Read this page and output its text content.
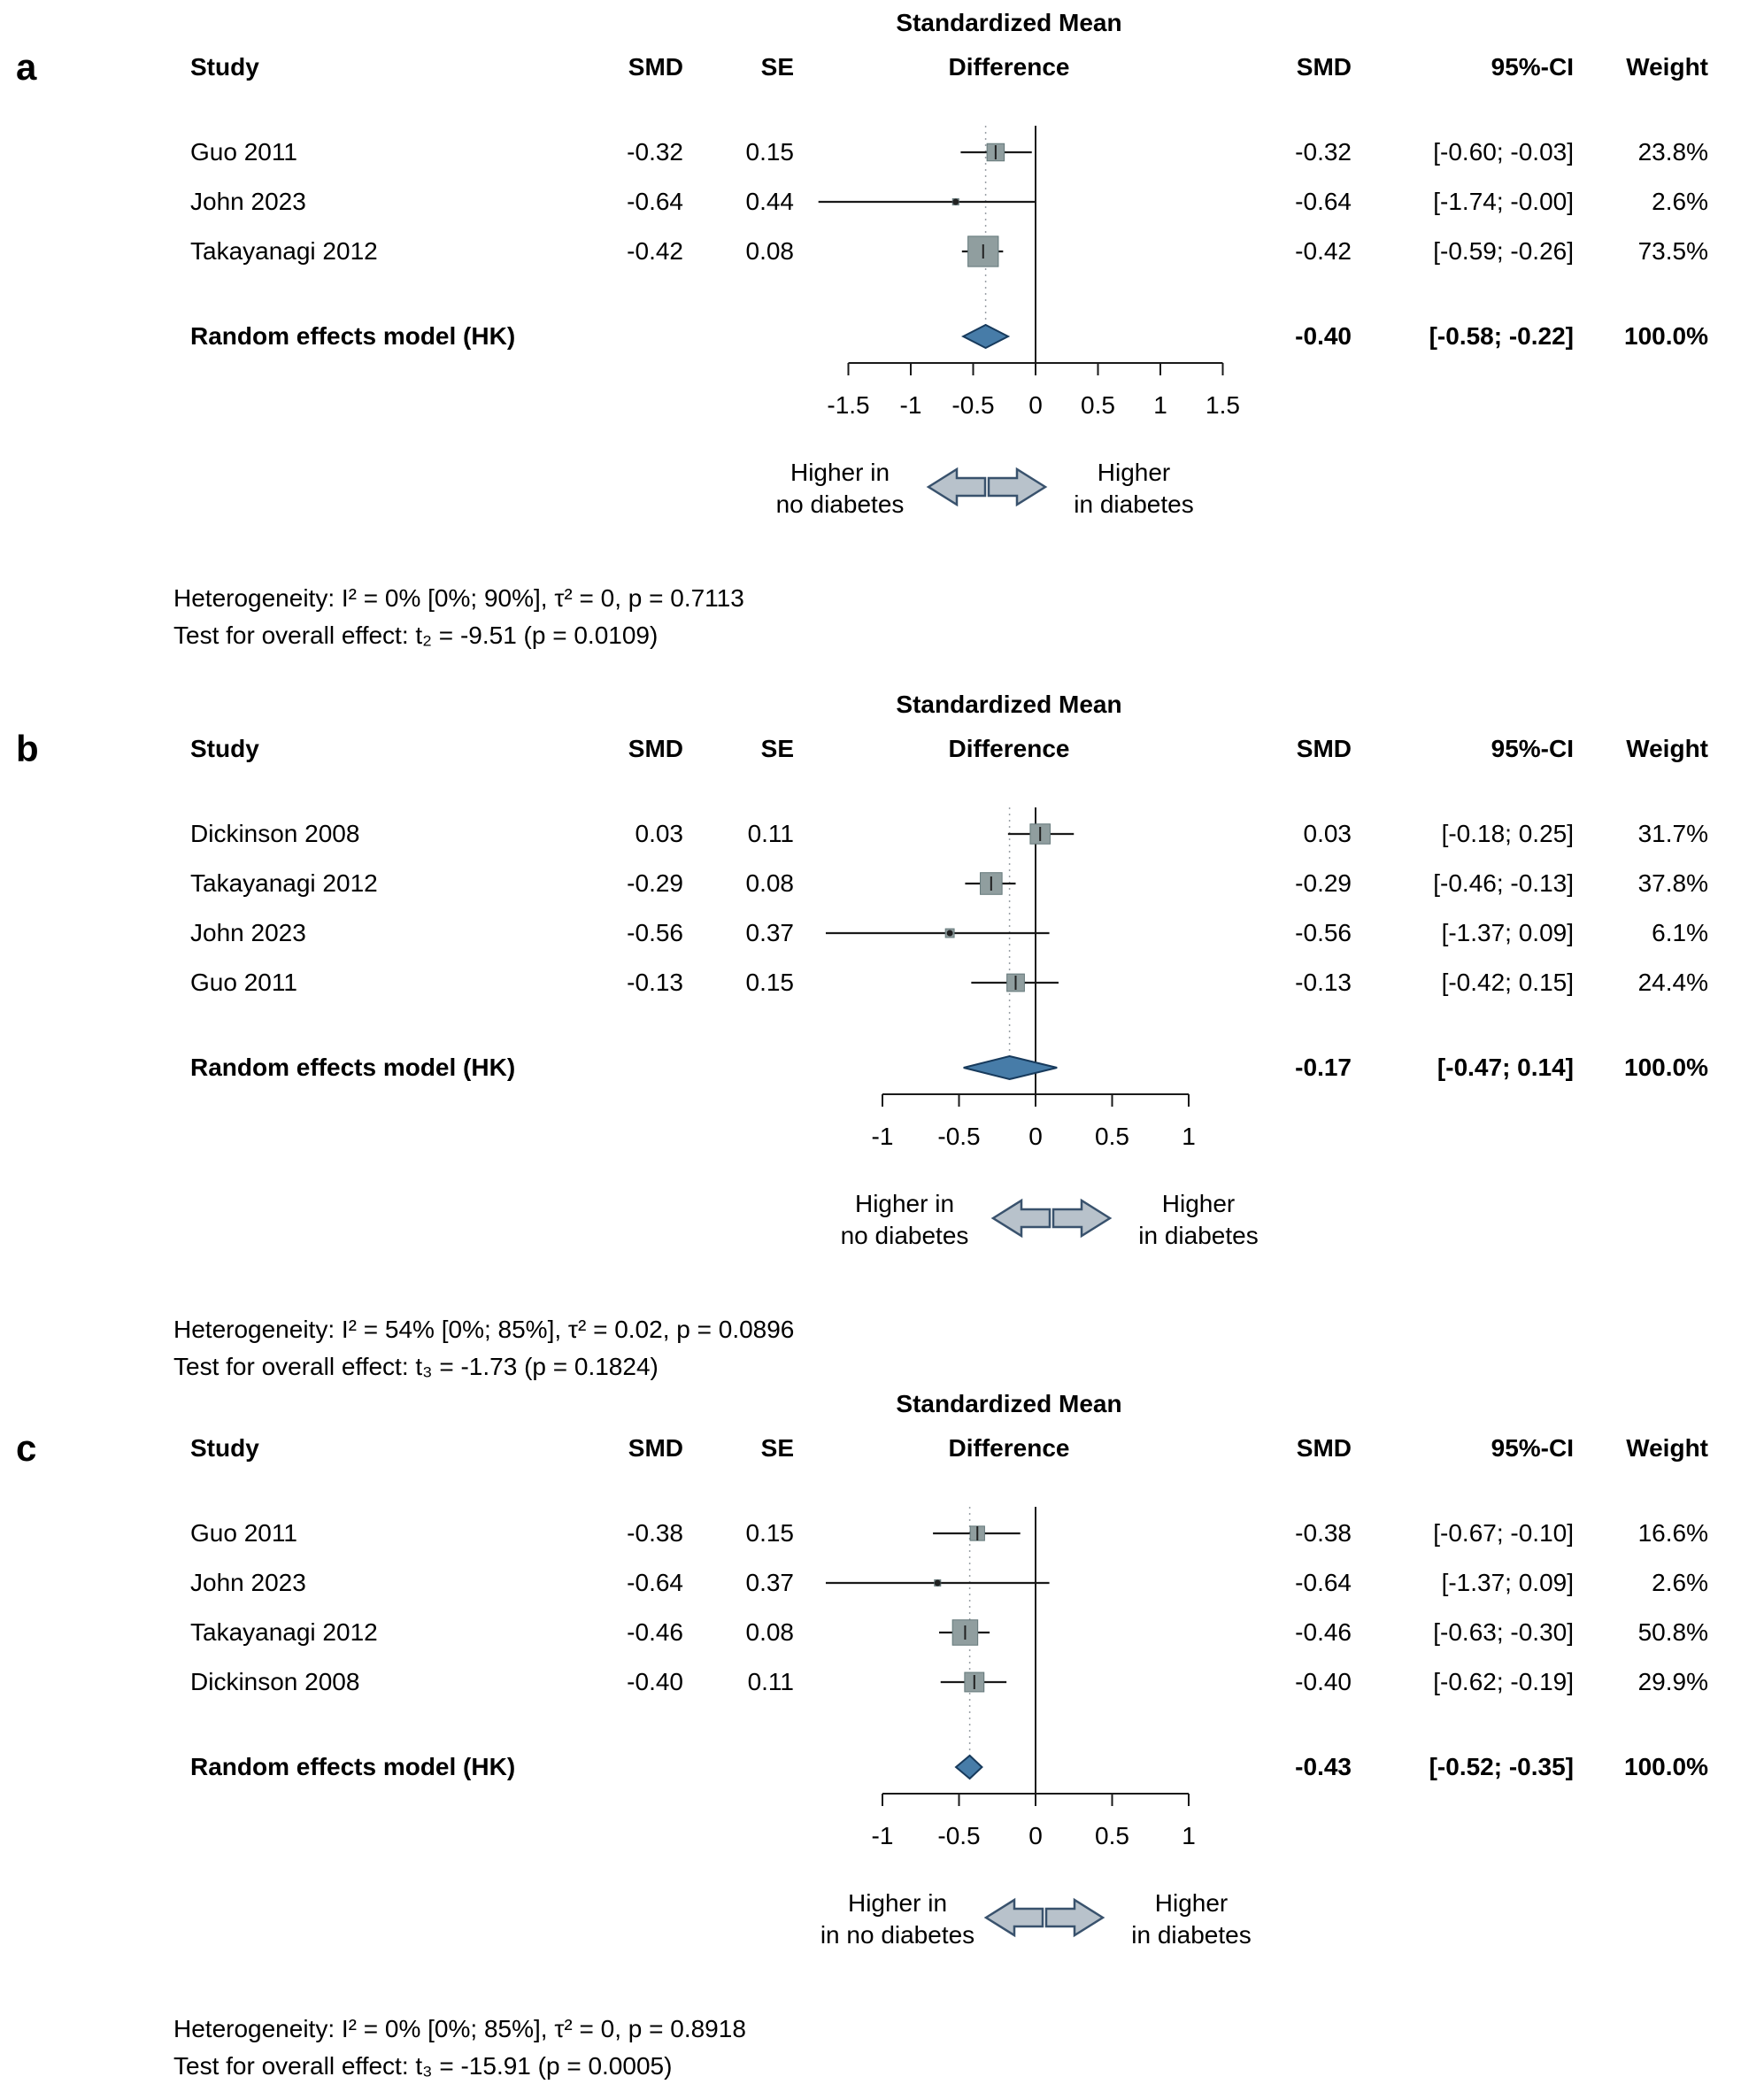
a
Standardized Mean
Study	SMD	SE	Difference	SMD	95%-CI Weight
Guo 2011	-0.32	0.15	-0.32	[-0.60; -0.03]	23.8%
John 2023	-0.64	0.44	-0.64	[-1.74; -0.00]	2.6%
Takayanagi 2012	-0.42	0.08	-0.42	[-0.59; -0.26]	73.5%
Random effects model (HK)	-0.40	[-0.58; -0.22] 100.0%
-1.5 -1 -0.5 0 0.5 1 1.5
Higher in
no diabetes
Higher
in diabetes
Heterogeneity: I² = 0% [0%; 90%], τ² = 0, p = 0.7113
Test for overall effect: t₂ = -9.51 (p = 0.0109)
b
Standardized Mean
Study	SMD	SE	Difference	SMD	95%-CI Weight
Dickinson 2008	0.03	0.11	0.03	[-0.18; 0.25]	31.7%
Takayanagi 2012	-0.29	0.08	-0.29	[-0.46; -0.13]	37.8%
John 2023	-0.56	0.37	-0.56	[-1.37; 0.09]	6.1%
Guo 2011	-0.13	0.15	-0.13	[-0.42; 0.15]	24.4%
Random effects model (HK)	-0.17	[-0.47; 0.14] 100.0%
-1 -0.5 0 0.5 1
Higher in
no diabetes
Higher
in diabetes
Heterogeneity: I² = 54% [0%; 85%], τ² = 0.02, p = 0.0896
Test for overall effect: t₃ = -1.73 (p = 0.1824)
c
Standardized Mean
Study	SMD	SE	Difference	SMD	95%-CI Weight
Guo 2011	-0.38	0.15	-0.38	[-0.67; -0.10]	16.6%
John 2023	-0.64	0.37	-0.64	[-1.37; 0.09]	2.6%
Takayanagi 2012	-0.46	0.08	-0.46	[-0.63; -0.30]	50.8%
Dickinson 2008	-0.40	0.11	-0.40	[-0.62; -0.19]	29.9%
Random effects model (HK)	-0.43	[-0.52; -0.35] 100.0%
-1 -0.5 0 0.5 1
Higher in
in no diabetes
Higher
in diabetes
Heterogeneity: I² = 0% [0%; 85%], τ² = 0, p = 0.8918
Test for overall effect: t₃ = -15.91 (p = 0.0005)
